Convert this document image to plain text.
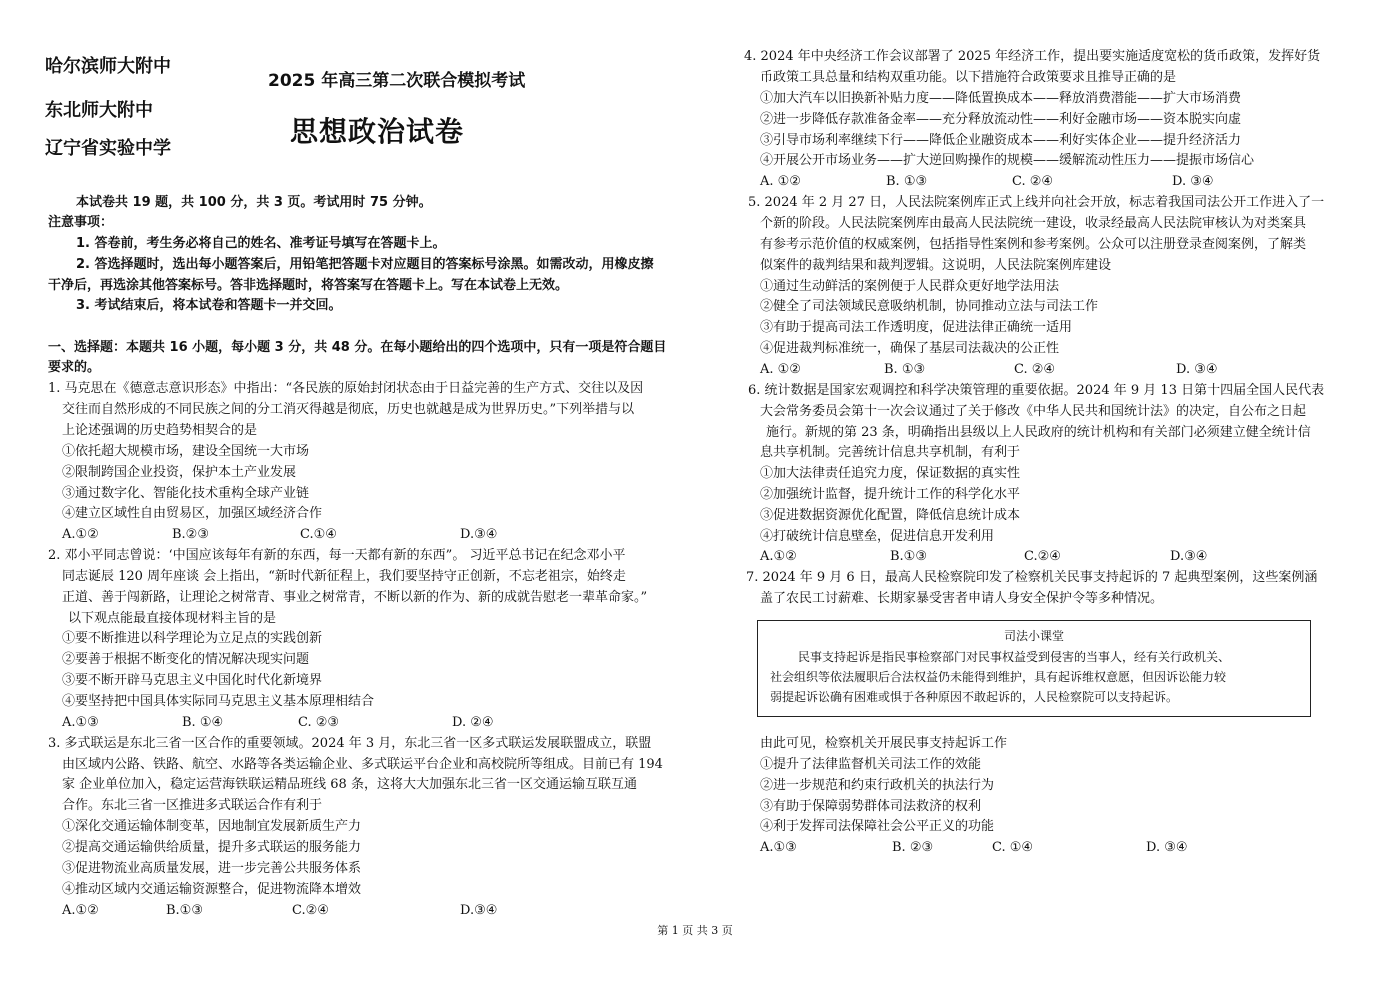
哈尔滨师大附中
东北师大附中
辽宁省实验中学
2025 年高三第二次联合模拟考试
思想政治试卷
本试卷共 19 题，共 100 分，共 3 页。考试用时 75 分钟。
注意事项：
1. 答卷前，考生务必将自己的姓名、准考证号填写在答题卡上。
2. 答选择题时，选出每小题答案后，用铅笔把答题卡对应题目的答案标号涂黑。如需改动，用橡皮擦
干净后，再选涂其他答案标号。答非选择题时，将答案写在答题卡上。写在本试卷上无效。
3. 考试结束后，将本试卷和答题卡一并交回。
一、选择题：本题共 16 小题，每小题 3 分，共 48 分。在每小题给出的四个选项中，只有一项是符合题目
要求的。
1. 马克思在《德意志意识形态》中指出：“各民族的原始封闭状态由于日益完善的生产方式、交往以及因
交往而自然形成的不同民族之间的分工消灭得越是彻底，历史也就越是成为世界历史。”下列举措与以
上论述强调的历史趋势相契合的是
①依托超大规模市场，建设全国统一大市场
②限制跨国企业投资，保护本土产业发展
③通过数字化、智能化技术重构全球产业链
④建立区域性自由贸易区，加强区域经济合作
A.①②	B.②③	C.①④	D.③④
2. 邓小平同志曾说：‘中国应该每年有新的东西，每一天都有新的东西”。 习近平总书记在纪念邓小平
同志诞辰 120 周年座谈 会上指出，“新时代新征程上，我们要坚持守正创新，不忘老祖宗，始终走
正道、善于闯新路，让理论之树常青、事业之树常青，不断以新的作为、新的成就告慰老一辈革命家。”
以下观点能最直接体现材料主旨的是
①要不断推进以科学理论为立足点的实践创新
②要善于根据不断变化的情况解决现实问题
③要不断开辟马克思主义中国化时代化新境界
④要坚持把中国具体实际同马克思主义基本原理相结合
A.①③	B. ①④	C. ②③	D. ②④
3. 多式联运是东北三省一区合作的重要领域。2024 年 3 月，东北三省一区多式联运发展联盟成立，联盟
由区域内公路、铁路、航空、水路等各类运输企业、多式联运平台企业和高校院所等组成。目前已有 194
家 企业单位加入，稳定运营海铁联运精品班线 68 条，这将大大加强东北三省一区交通运输互联互通
合作。东北三省一区推进多式联运合作有利于
①深化交通运输体制变革，因地制宜发展新质生产力
②提高交通运输供给质量，提升多式联运的服务能力
③促进物流业高质量发展，进一步完善公共服务体系
④推动区域内交通运输资源整合，促进物流降本增效
A.①②	B.①③	C.②④	D.③④
4. 2024 年中央经济工作会议部署了 2025 年经济工作，提出要实施适度宽松的货币政策，发挥好货
币政策工具总量和结构双重功能。以下措施符合政策要求且推导正确的是
①加大汽车以旧换新补贴力度——降低置换成本——释放消费潜能——扩大市场消费
②进一步降低存款准备金率——充分释放流动性——利好金融市场——资本脱实向虚
③引导市场利率继续下行——降低企业融资成本——利好实体企业——提升经济活力
④开展公开市场业务——扩大逆回购操作的规模——缓解流动性压力——提振市场信心
A. ①②	B. ①③	C. ②④	D. ③④
5. 2024 年 2 月 27 日，人民法院案例库正式上线并向社会开放，标志着我国司法公开工作进入了一
个新的阶段。人民法院案例库由最高人民法院统一建设，收录经最高人民法院审核认为对类案具
有参考示范价值的权威案例，包括指导性案例和参考案例。公众可以注册登录查阅案例，了解类
似案件的裁判结果和裁判逻辑。这说明，人民法院案例库建设
①通过生动鲜活的案例便于人民群众更好地学法用法
②健全了司法领域民意吸纳机制，协同推动立法与司法工作
③有助于提高司法工作透明度，促进法律正确统一适用
④促进裁判标准统一，确保了基层司法裁决的公正性
A. ①②	B. ①③	C. ②④	D. ③④
6. 统计数据是国家宏观调控和科学决策管理的重要依据。2024 年 9 月 13 日第十四届全国人民代表
大会常务委员会第十一次会议通过了关于修改《中华人民共和国统计法》的决定，自公布之日起
施行。新规的第 23 条，明确指出县级以上人民政府的统计机构和有关部门必须建立健全统计信
息共享机制。完善统计信息共享机制，有利于
①加大法律责任追究力度，保证数据的真实性
②加强统计监督，提升统计工作的科学化水平
③促进数据资源优化配置，降低信息统计成本
④打破统计信息壁垒，促进信息开发利用
A.①②	B.①③	C.②④	D.③④
7. 2024 年 9 月 6 日，最高人民检察院印发了检察机关民事支持起诉的 7 起典型案例，这些案例涵
盖了农民工讨薪难、长期家暴受害者申请人身安全保护令等多种情况。
由此可见，检察机关开展民事支持起诉工作
①提升了法律监督机关司法工作的效能
②进一步规范和约束行政机关的执法行为
③有助于保障弱势群体司法救济的权利
④利于发挥司法保障社会公平正义的功能
A.①③	B. ②③	C. ①④	D. ③④
司法小课堂
民事支持起诉是指民事检察部门对民事权益受到侵害的当事人，经有关行政机关、
社会组织等依法履职后合法权益仍未能得到维护，具有起诉维权意愿，但因诉讼能力较
弱提起诉讼确有困难或惧于各种原因不敢起诉的，人民检察院可以支持起诉。
第 1 页 共 3 页
